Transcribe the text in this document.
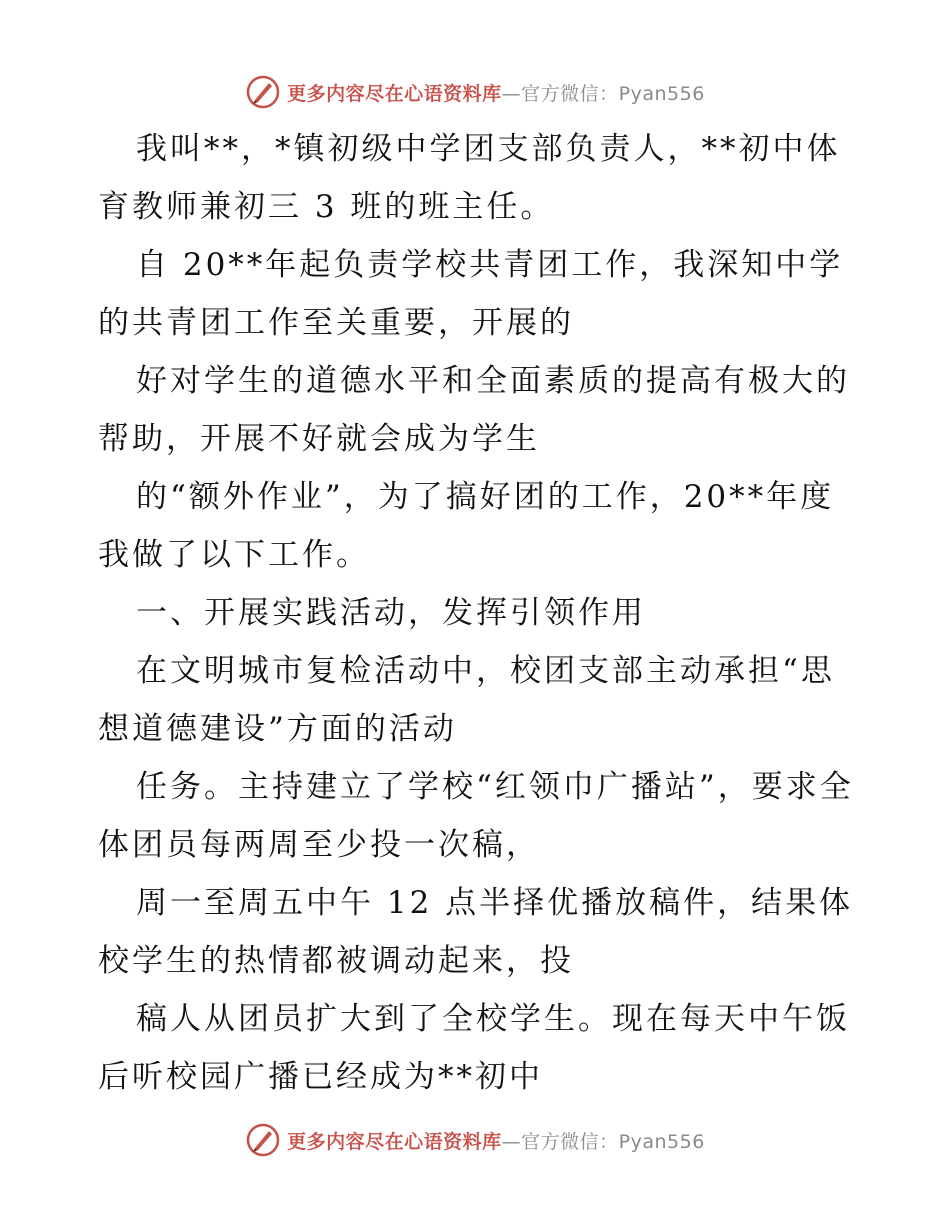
更多内容尽在心语资料库—官方微信：Pyan556

我叫**，*镇初级中学团支部负责人，**初中体育教师兼初三 3 班的班主任。

自 20**年起负责学校共青团工作，我深知中学的共青团工作至关重要，开展的

好对学生的道德水平和全面素质的提高有极大的帮助，开展不好就会成为学生

的“额外作业”，为了搞好团的工作，20**年度我做了以下工作。

一、开展实践活动，发挥引领作用

在文明城市复检活动中，校团支部主动承担“思想道德建设”方面的活动

任务。主持建立了学校“红领巾广播站”，要求全体团员每两周至少投一次稿，

周一至周五中午 12 点半择优播放稿件，结果体校学生的热情都被调动起来，投

稿人从团员扩大到了全校学生。现在每天中午饭后听校园广播已经成为**初中

更多内容尽在心语资料库—官方微信：Pyan556
